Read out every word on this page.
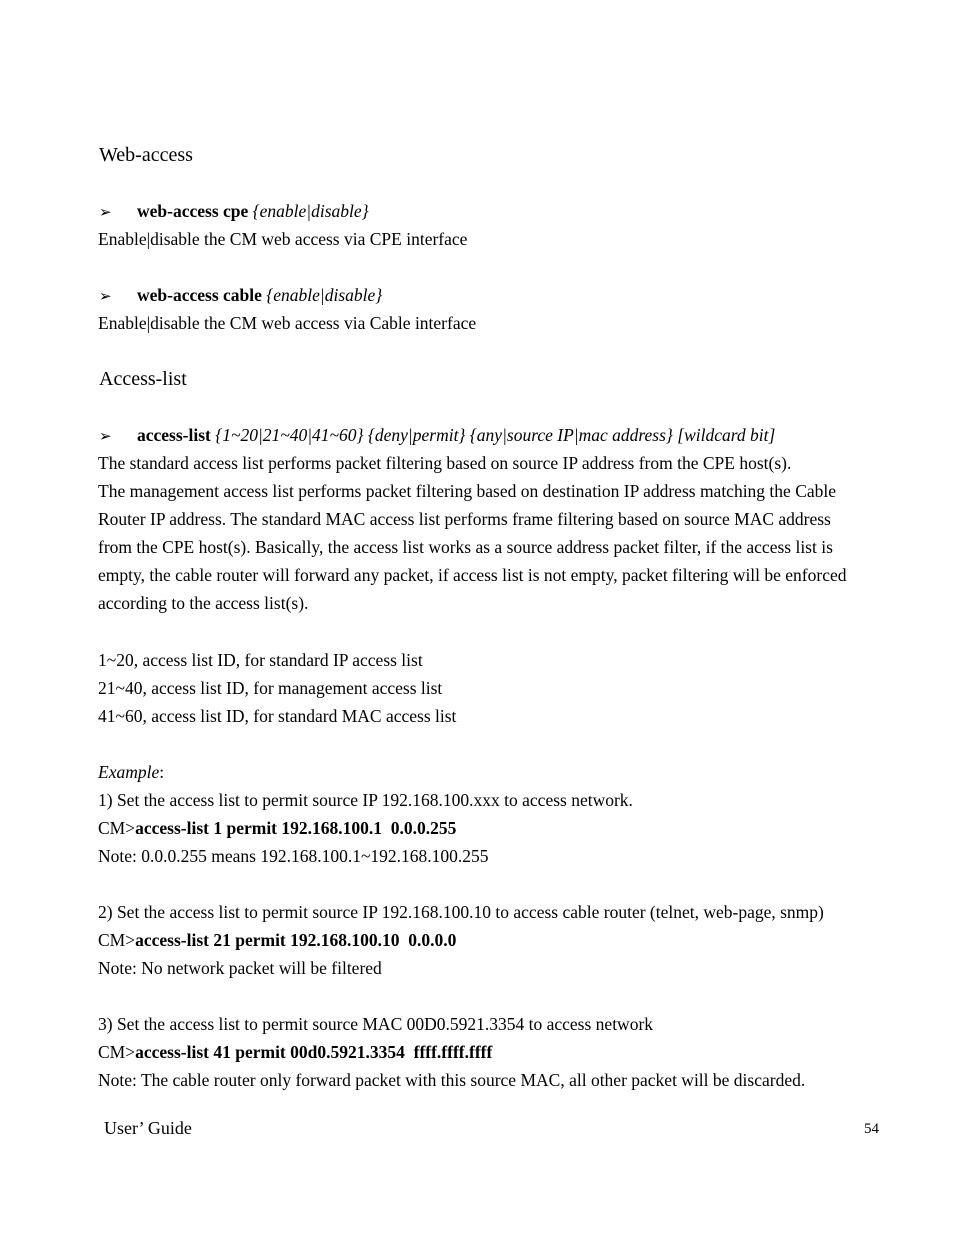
Web-access
➢ web-access cpe {enable|disable}
Enable|disable the CM web access via CPE interface
➢ web-access cable {enable|disable}
Enable|disable the CM web access via Cable interface
Access-list
➢ access-list {1~20|21~40|41~60} {deny|permit} {any|source IP|mac address} [wildcard bit]
The standard access list performs packet filtering based on source IP address from the CPE host(s).
The management access list performs packet filtering based on destination IP address matching the Cable
Router IP address. The standard MAC access list performs frame filtering based on source MAC address
from the CPE host(s). Basically, the access list works as a source address packet filter, if the access list is
empty, the cable router will forward any packet, if access list is not empty, packet filtering will be enforced
according to the access list(s).
1~20, access list ID, for standard IP access list
21~40, access list ID, for management access list
41~60, access list ID, for standard MAC access list
Example:
1) Set the access list to permit source IP 192.168.100.xxx to access network.
CM>access-list 1 permit 192.168.100.1  0.0.0.255
Note: 0.0.0.255 means 192.168.100.1~192.168.100.255
2) Set the access list to permit source IP 192.168.100.10 to access cable router (telnet, web-page, snmp)
CM>access-list 21 permit 192.168.100.10  0.0.0.0
Note: No network packet will be filtered
3) Set the access list to permit source MAC 00D0.5921.3354 to access network
CM>access-list 41 permit 00d0.5921.3354  ffff.ffff.ffff
Note: The cable router only forward packet with this source MAC, all other packet will be discarded.
User’ Guide	54
